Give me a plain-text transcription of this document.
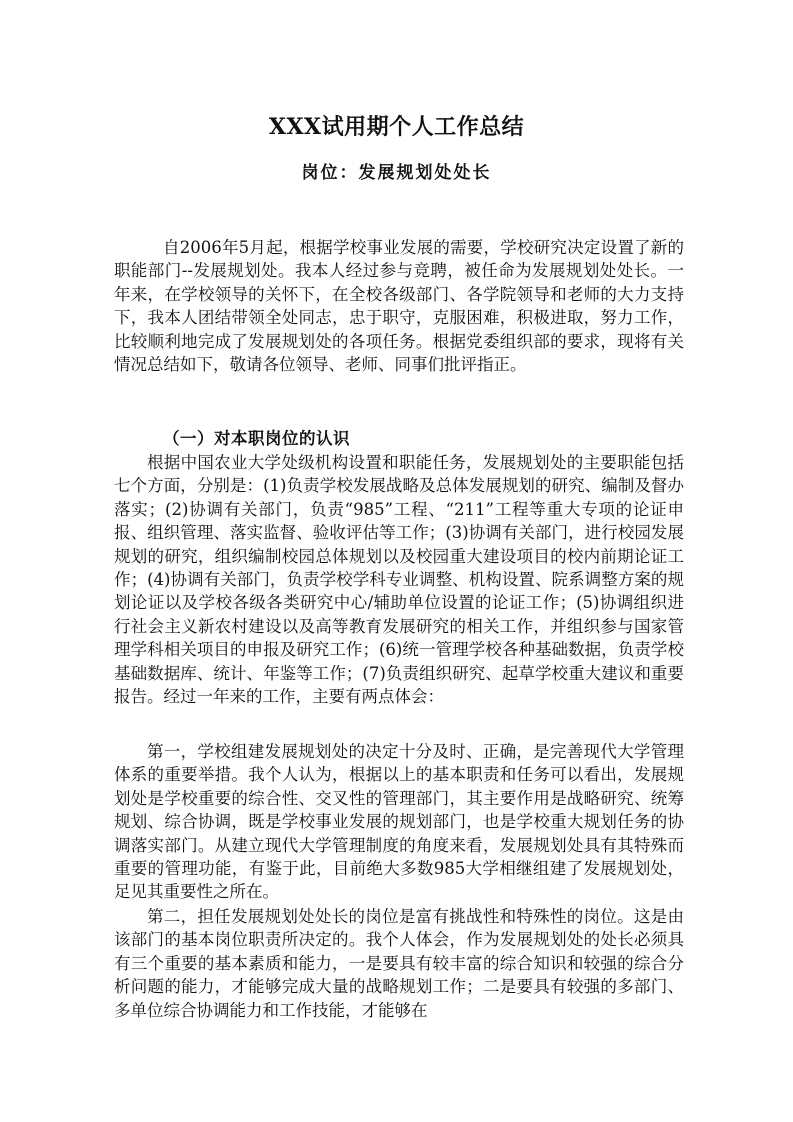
XXX试用期个人工作总结
岗位：发展规划处处长

自2006年5月起，根据学校事业发展的需要，学校研究决定设置了新的职能部门--发展规划处。我本人经过参与竞聘，被任命为发展规划处处长。一年来，在学校领导的关怀下，在全校各级部门、各学院领导和老师的大力支持下，我本人团结带领全处同志，忠于职守，克服困难，积极进取，努力工作，比较顺利地完成了发展规划处的各项任务。根据党委组织部的要求，现将有关情况总结如下，敬请各位领导、老师、同事们批评指正。

（一）对本职岗位的认识

根据中国农业大学处级机构设置和职能任务，发展规划处的主要职能包括七个方面，分别是：(1)负责学校发展战略及总体发展规划的研究、编制及督办落实；(2)协调有关部门，负责“985”工程、“211”工程等重大专项的论证申报、组织管理、落实监督、验收评估等工作；(3)协调有关部门，进行校园发展规划的研究，组织编制校园总体规划以及校园重大建设项目的校内前期论证工作；(4)协调有关部门，负责学校学科专业调整、机构设置、院系调整方案的规划论证以及学校各级各类研究中心/辅助单位设置的论证工作；(5)协调组织进行社会主义新农村建设以及高等教育发展研究的相关工作，并组织参与国家管理学科相关项目的申报及研究工作；(6)统一管理学校各种基础数据，负责学校基础数据库、统计、年鉴等工作；(7)负责组织研究、起草学校重大建议和重要报告。经过一年来的工作，主要有两点体会：

第一，学校组建发展规划处的决定十分及时、正确，是完善现代大学管理体系的重要举措。我个人认为，根据以上的基本职责和任务可以看出，发展规划处是学校重要的综合性、交叉性的管理部门，其主要作用是战略研究、统筹规划、综合协调，既是学校事业发展的规划部门，也是学校重大规划任务的协调落实部门。从建立现代大学管理制度的角度来看，发展规划处具有其特殊而重要的管理功能，有鉴于此，目前绝大多数985大学相继组建了发展规划处，足见其重要性之所在。

第二，担任发展规划处处长的岗位是富有挑战性和特殊性的岗位。这是由该部门的基本岗位职责所决定的。我个人体会，作为发展规划处的处长必须具有三个重要的基本素质和能力，一是要具有较丰富的综合知识和较强的综合分析问题的能力，才能够完成大量的战略规划工作；二是要具有较强的多部门、多单位综合协调能力和工作技能，才能够在
